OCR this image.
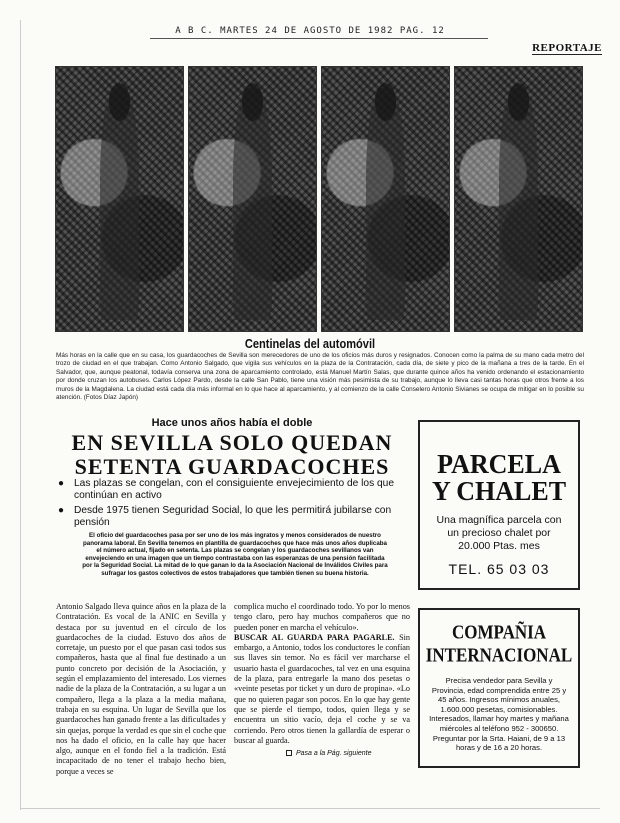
A B C. MARTES 24 DE AGOSTO DE 1982 PAG. 12
REPORTAJE
Centinelas del automóvil
Más horas en la calle que en su casa, los guardacoches de Sevilla son merecedores de uno de los oficios más duros y resignados. Conocen como la palma de su mano cada metro del trozo de ciudad en el que trabajan. Como Antonio Salgado, que vigila sus vehículos en la plaza de la Contratación, cada día, de siete y pico de la mañana a tres de la tarde. En el Salvador, que, aunque peatonal, todavía conserva una zona de aparcamiento controlado, está Manuel Martín Salas, que durante quince años ha venido ordenando el estacionamiento por donde cruzan los autobuses. Carlos López Pardo, desde la calle San Pablo, tiene una visión más pesimista de su trabajo, aunque lo lleva casi tantas horas que otros frente a los muros de la Magdalena. La ciudad está cada día más informal en lo que hace al aparcamiento, y al comienzo de la calle Conselero Antonio Sivianes se ocupa de mitigar en lo posible su atención. (Fotos Díaz Japón)
Hace unos años había el doble
EN SEVILLA SOLO QUEDAN
SETENTA GUARDACOCHES
● Las plazas se congelan, con el consiguiente envejecimiento de los que continúan en activo
● Desde 1975 tienen Seguridad Social, lo que les permitirá jubilarse con pensión
El oficio del guardacoches pasa por ser uno de los más ingratos y menos considerados de nuestro panorama laboral. En Sevilla tenemos en plantilla de guardacoches que hace más unos años duplicaba el número actual, fijado en setenta. Las plazas se congelan y los guardacoches sevillanos van envejeciendo en una imagen que un tiempo contrastaba con las esperanzas de una pensión facilitada por la Seguridad Social. La mitad de lo que ganan lo da la Asociación Nacional de Inválidos Civiles para sufragar los gastos colectivos de estos trabajadores que también tienen su buena historia.
Antonio Salgado lleva quince años en la plaza de la Contratación. Es vocal de la ANIC en Sevilla y destaca por su juventud en el círculo de los guardacoches de la ciudad. Estuvo dos años de corretaje, un puesto por el que pasan casi todos sus compañeros, hasta que al final fue destinado a un punto concreto por decisión de la Asociación, y según el emplazamiento del interesado. Los viernes nadie de la plaza de la Contratación, a su lugar a un compañero, llega a la plaza a la media mañana, trabaja en su esquina. Un lugar de Sevilla que los guardacoches han ganado frente a las dificultades y sin quejas, porque la verdad es que sin el coche que nos ha dado el oficio, en la calle hay que hacer algo, aunque en el fondo fiel a la tradición. Está incapacitado de no tener el trabajo hecho bien, porque a veces se
complica mucho el coordinado todo. Yo por lo menos tengo claro, pero hay muchos compañeros que no pueden poner en marcha el vehículo».
BUSCAR AL GUARDA PARA PAGARLE. Sin embargo, a Antonio, todos los conductores le confían sus llaves sin temor. No es fácil ver marcharse el usuario hasta el guardacoches, tal vez en una esquina de la plaza, para entregarle la mano dos pesetas o «veinte pesetas por ticket y un duro de propina». «Lo que no quieren pagar son pocos. En lo que hay gente que se pierde el tiempo, todos, quien llega y se encuentra un sitio vacío, deja el coche y se va corriendo. Pero otros tienen la gallardía de esperar o buscar al guarda.
Pasa a la Pág. siguiente
PARCELA
Y CHALET
Una magnífica parcela con un precioso chalet por 20.000 Ptas. mes
TEL. 65 03 03
COMPAÑIA
INTERNACIONAL
Precisa vendedor para Sevilla y Provincia, edad comprendida entre 25 y 45 años. Ingresos mínimos anuales, 1.600.000 pesetas, comisionables. Interesados, llamar hoy martes y mañana miércoles al teléfono 952 - 300650. Preguntar por la Srta. Haiani, de 9 a 13 horas y de 16 a 20 horas.
